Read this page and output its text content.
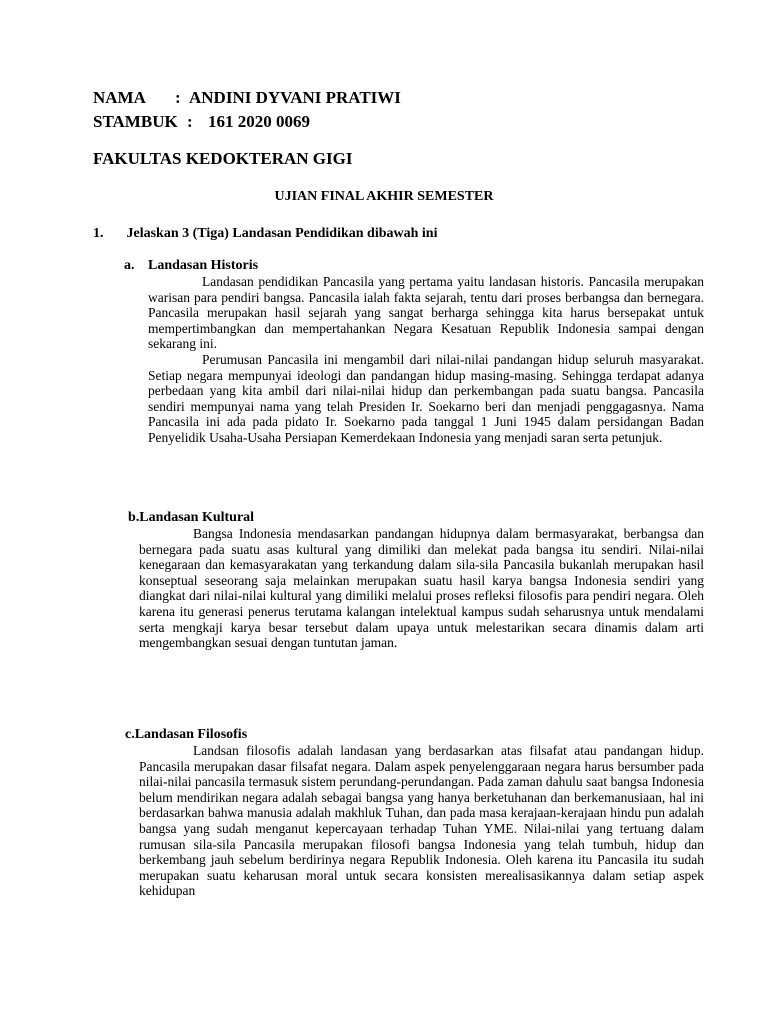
NAMA : ANDINI DYVANI PRATIWI
STAMBUK : 161 2020 0069
FAKULTAS KEDOKTERAN GIGI
UJIAN FINAL AKHIR SEMESTER
1. Jelaskan 3 (Tiga) Landasan Pendidikan dibawah ini
a. Landasan Historis

Landasan pendidikan Pancasila yang pertama yaitu landasan historis. Pancasila merupakan warisan para pendiri bangsa. Pancasila ialah fakta sejarah, tentu dari proses berbangsa dan bernegara. Pancasila merupakan hasil sejarah yang sangat berharga sehingga kita harus bersepakat untuk mempertimbangkan dan mempertahankan Negara Kesatuan Republik Indonesia sampai dengan sekarang ini.

Perumusan Pancasila ini mengambil dari nilai-nilai pandangan hidup seluruh masyarakat. Setiap negara mempunyai ideologi dan pandangan hidup masing-masing. Sehingga terdapat adanya perbedaan yang kita ambil dari nilai-nilai hidup dan perkembangan pada suatu bangsa. Pancasila sendiri mempunyai nama yang telah Presiden Ir. Soekarno beri dan menjadi penggagasnya. Nama Pancasila ini ada pada pidato Ir. Soekarno pada tanggal 1 Juni 1945 dalam persidangan Badan Penyelidik Usaha-Usaha Persiapan Kemerdekaan Indonesia yang menjadi saran serta petunjuk.

b.Landasan Kultural

Bangsa Indonesia mendasarkan pandangan hidupnya dalam bermasyarakat, berbangsa dan bernegara pada suatu asas kultural yang dimiliki dan melekat pada bangsa itu sendiri. Nilai-nilai kenegaraan dan kemasyarakatan yang terkandung dalam sila-sila Pancasila bukanlah merupakan hasil konseptual seseorang saja melainkan merupakan suatu hasil karya bangsa Indonesia sendiri yang diangkat dari nilai-nilai kultural yang dimiliki melalui proses refleksi filosofis para pendiri negara. Oleh karena itu generasi penerus terutama kalangan intelektual kampus sudah seharusnya untuk mendalami serta mengkaji karya besar tersebut dalam upaya untuk melestarikan secara dinamis dalam arti mengembangkan sesuai dengan tuntutan jaman.

c.Landasan Filosofis

Landsan filosofis adalah landasan yang berdasarkan atas filsafat atau pandangan hidup. Pancasila merupakan dasar filsafat negara. Dalam aspek penyelenggaraan negara harus bersumber pada nilai-nilai pancasila termasuk sistem perundang-perundangan. Pada zaman dahulu saat bangsa Indonesia belum mendirikan negara adalah sebagai bangsa yang hanya berketuhanan dan berkemanusiaan, hal ini berdasarkan bahwa manusia adalah makhluk Tuhan, dan pada masa kerajaan-kerajaan hindu pun adalah bangsa yang sudah menganut kepercayaan terhadap Tuhan YME. Nilai-nilai yang tertuang dalam rumusan sila-sila Pancasila merupakan filosofi bangsa Indonesia yang telah tumbuh, hidup dan berkembang jauh sebelum berdirinya negara Republik Indonesia. Oleh karena itu Pancasila itu sudah merupakan suatu keharusan moral untuk secara konsisten merealisasikannya dalam setiap aspek kehidupan
